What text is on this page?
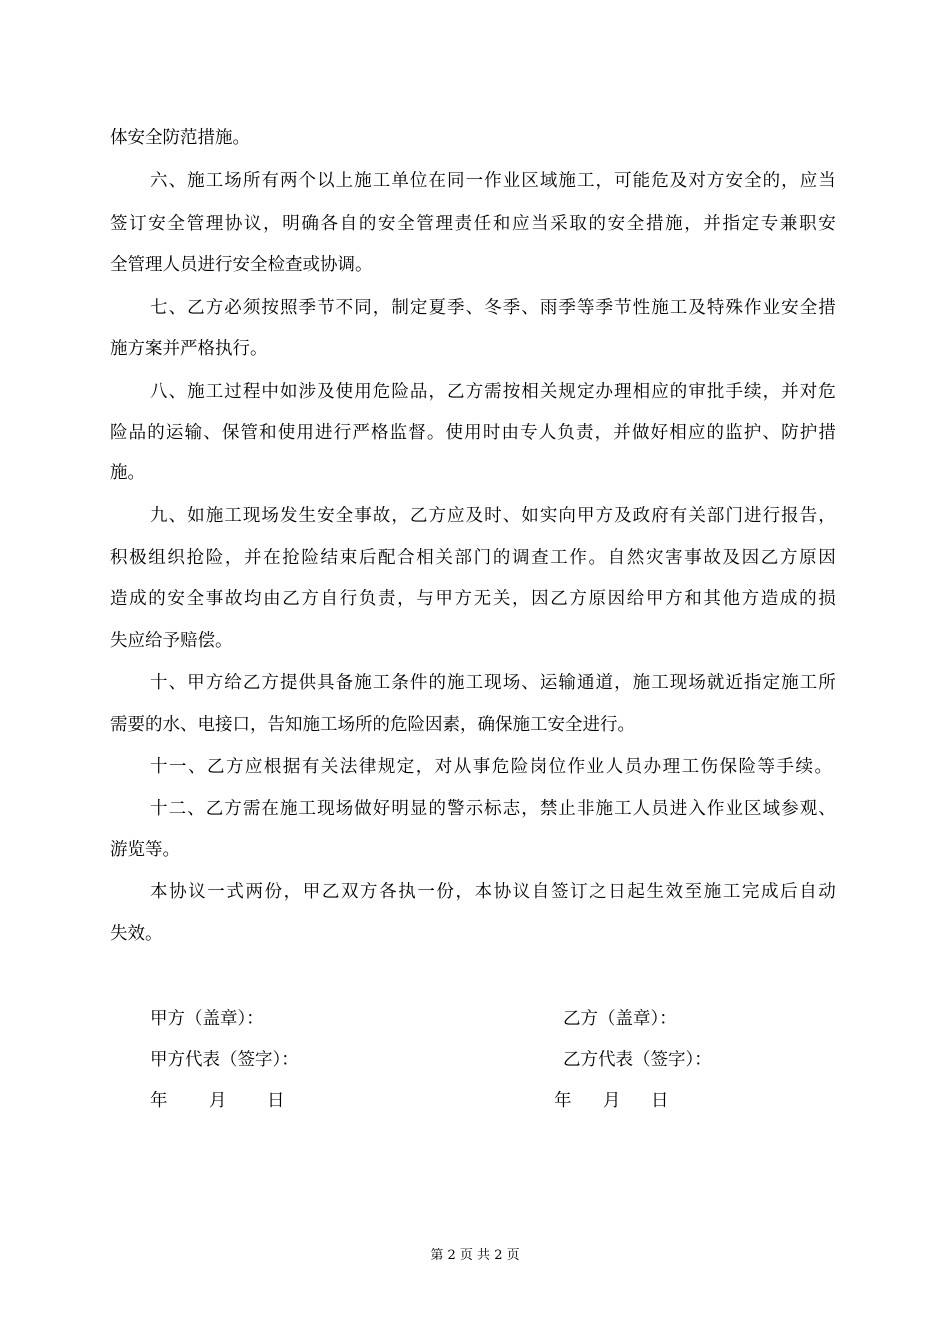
体安全防范措施。
六 、 施 工 场 所 有 两 个 以 上 施 工 单 位 在 同 一 作 业 区 域 施 工 ， 可 能 危 及 对 方 安 全 的 ， 应 当
签 订 安 全 管 理 协 议 ， 明 确 各 自 的 安 全 管 理 责 任 和 应 当 采 取 的 安 全 措 施 ， 并 指 定 专 兼 职 安
全管理人员进行安全检查或协调。
七 、 乙 方 必 须 按 照 季 节 不 同 ， 制 定 夏 季 、 冬 季 、 雨 季 等 季 节 性 施 工 及 特 殊 作 业 安 全 措
施方案并严格执行。
八 、 施 工 过 程 中 如 涉 及 使 用 危 险 品 ， 乙 方 需 按 相 关 规 定 办 理 相 应 的 审 批 手 续 ， 并 对 危
险 品 的 运 输 、 保 管 和 使 用 进 行 严 格 监 督 。 使 用 时 由 专 人 负 责 ， 并 做 好 相 应 的 监 护 、 防 护 措
施。
九 、 如 施 工 现 场 发 生 安 全 事 故 ， 乙 方 应 及 时 、 如 实 向 甲 方 及 政 府 有 关 部 门 进 行 报 告 ，
积 极 组 织 抢 险 ， 并 在 抢 险 结 束 后 配 合 相 关 部 门 的 调 查 工 作 。 自 然 灾 害 事 故 及 因 乙 方 原 因
造 成 的 安 全 事 故 均 由 乙 方 自 行 负 责 ， 与 甲 方 无 关 ， 因 乙 方 原 因 给 甲 方 和 其 他 方 造 成 的 损
失应给予赔偿。
十 、 甲 方 给 乙 方 提 供 具 备 施 工 条 件 的 施 工 现 场 、 运 输 通 道 ， 施 工 现 场 就 近 指 定 施 工 所
需要的水、电接口，告知施工场所的危险因素，确保施工安全进行。
十 一 、 乙 方 应 根 据 有 关 法 律 规 定 ， 对 从 事 危 险 岗 位 作 业 人 员 办 理 工 伤 保 险 等 手 续 。
十 二 、 乙 方 需 在 施 工 现 场 做 好 明 显 的 警 示 标 志 ， 禁 止 非 施 工 人 员 进 入 作 业 区 域 参 观 、
游览等。
本 协 议 一 式 两 份 ， 甲 乙 双 方 各 执 一 份 ， 本 协 议 自 签 订 之 日 起 生 效 至 施 工 完 成 后 自 动
失效。
甲方（盖章）：	乙方（盖章）：
甲方代表（签字）：	乙方代表（签字）：
年 月 日	年 月 日
第 2 页 共 2 页
